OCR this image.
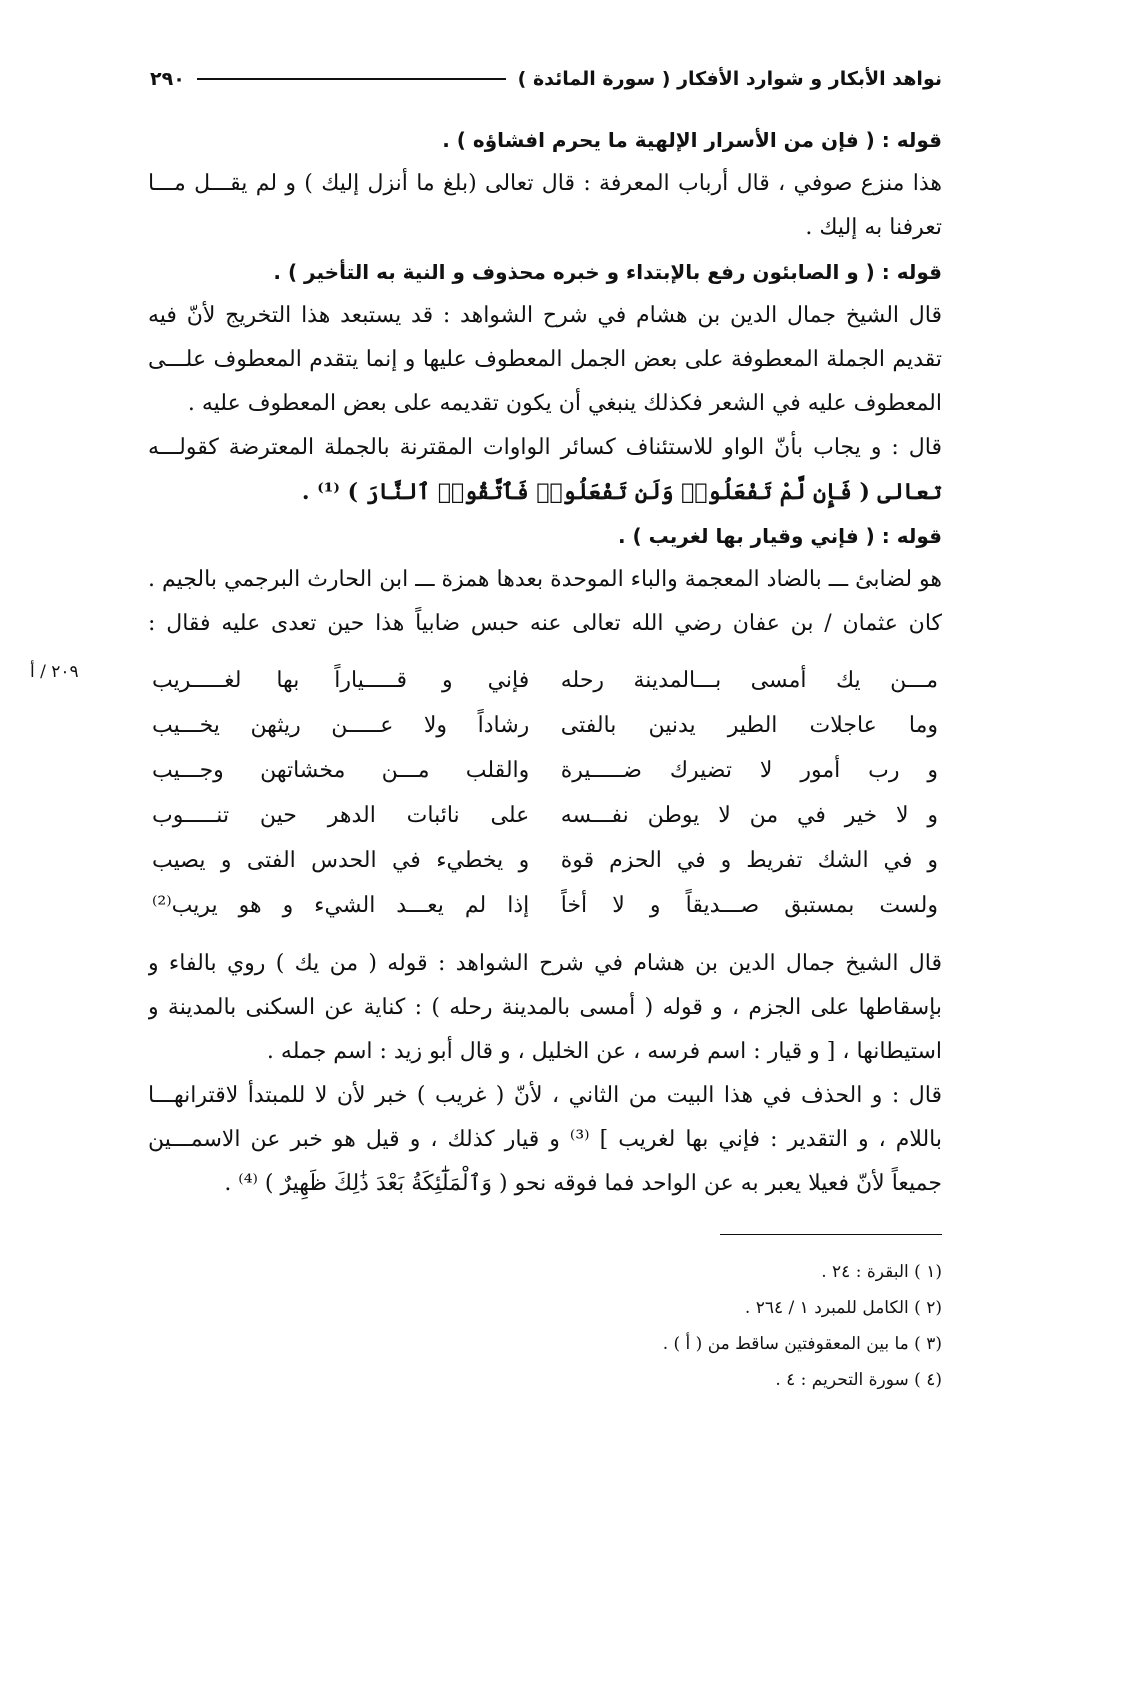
نواهد الأبكار و شوارد الأفكار ( سورة المائدة )
٢٩٠
٢٠٩ / أ
قوله : ( فإن من الأسرار الإلهية ما يحرم افشاؤه ) .
هذا منزع صوفي ، قال أرباب المعرفة : قال تعالى (بلغ ما أنزل إليك ) و لم يقـــل مـــا
تعرفنا به إليك .
قوله : ( و الصابئون رفع بالإبتداء و خبره محذوف و النية به التأخير ) .
قال الشيخ جمال الدين بن هشام في شرح الشواهد : قد يستبعد هذا التخريج لأنّ فيه
تقديم الجملة المعطوفة على بعض الجمل المعطوف عليها و إنما يتقدم المعطوف علـــى
المعطوف عليه في الشعر فكذلك ينبغي أن يكون تقديمه على بعض المعطوف عليه .
قال : و يجاب بأنّ الواو للاستئناف كسائر الواوات المقترنة بالجملة المعترضة كقولـــه
تعالى ( فَإِن لَّمْ تَفْعَلُوا۟ وَلَن تَفْعَلُوا۟ فَٱتَّقُوا۟ ٱلنَّارَ ) ⁽¹⁾ .
قوله : ( فإني وقيار بها لغريب ) .
هو لضابئ ـــ بالضاد المعجمة والباء الموحدة بعدها همزة ـــ ابن الحارث البرجمي بالجيم .
كان عثمان / بن عفان رضي الله تعالى عنه حبس ضابياً هذا حين تعدى عليه فقال :
مـــن يك أمسى بـــالمدينة رحله
فإني و قـــــياراً بها لغـــــريب
وما عاجلات الطير يدنين بالفتى
رشاداً ولا عـــــن ريثهن يخـــيب
و رب أمور لا تضيرك ضـــــيرة
والقلب مـــن مخشاتهن وجـــيب
و لا خير في من لا يوطن نفـــسه
على نائبات الدهر حين تنـــــوب
و في الشك تفريط و في الحزم قوة
و يخطيء في الحدس الفتى و يصيب
ولست بمستبق صـــديقاً و لا أخاً
إذا لم يعـــد الشيء و هو يريب⁽²⁾
قال الشيخ جمال الدين بن هشام في شرح الشواهد : قوله ( من يك ) روي بالفاء و
بإسقاطها على الجزم ، و قوله ( أمسى بالمدينة رحله ) : كناية عن السكنى بالمدينة و
استيطانها ، [ و قيار : اسم فرسه ، عن الخليل ، و قال أبو زيد : اسم جمله .
قال : و الحذف في هذا البيت من الثاني ، لأنّ ( غريب ) خبر لأن لا للمبتدأ لاقترانهـــا
باللام ، و التقدير : فإني بها لغريب ] ⁽³⁾ و قيار كذلك ، و قيل هو خبر عن الاسمـــين
جميعاً لأنّ فعيلا يعبر به عن الواحد فما فوقه نحو ( وَٱلْمَلَٰٓئِكَةُ بَعْدَ ذَٰلِكَ ظَهِيرٌ ) ⁽⁴⁾ .
(١ ) البقرة : ٢٤ .
(٢ ) الكامل للمبرد ١ / ٢٦٤ .
(٣ ) ما بين المعقوفتين ساقط من ( أ ) .
(٤ ) سورة التحريم : ٤ .
